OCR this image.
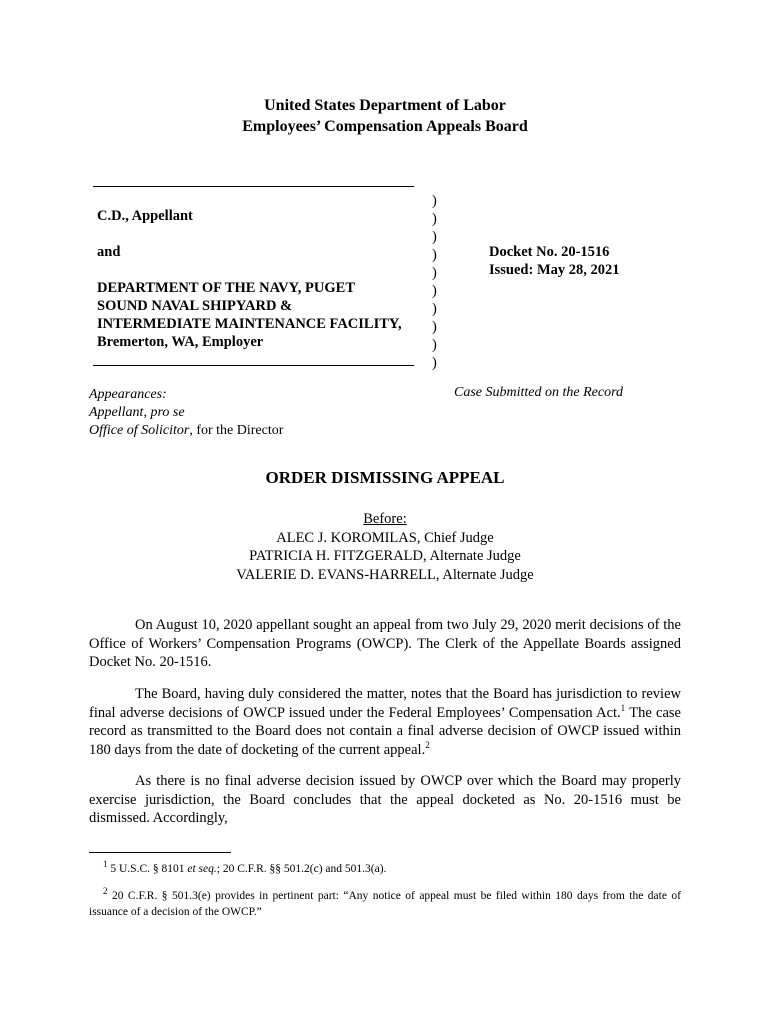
United States Department of Labor
Employees’ Compensation Appeals Board
C.D., Appellant
and
DEPARTMENT OF THE NAVY, PUGET
SOUND NAVAL SHIPYARD &
INTERMEDIATE MAINTENANCE FACILITY,
Bremerton, WA, Employer
)
)
)
)
)
)
)
)
)
)
Docket No. 20-1516
Issued: May 28, 2021
Appearances:
Appellant, pro se
Office of Solicitor, for the Director
Case Submitted on the Record
ORDER DISMISSING APPEAL
Before:
ALEC J. KOROMILAS, Chief Judge
PATRICIA H. FITZGERALD, Alternate Judge
VALERIE D. EVANS-HARRELL, Alternate Judge
On August 10, 2020 appellant sought an appeal from two July 29, 2020 merit decisions of the Office of Workers’ Compensation Programs (OWCP). The Clerk of the Appellate Boards assigned Docket No. 20-1516.
The Board, having duly considered the matter, notes that the Board has jurisdiction to review final adverse decisions of OWCP issued under the Federal Employees’ Compensation Act.$^1$ The case record as transmitted to the Board does not contain a final adverse decision of OWCP issued within 180 days from the date of docketing of the current appeal.$^2$
As there is no final adverse decision issued by OWCP over which the Board may properly exercise jurisdiction, the Board concludes that the appeal docketed as No. 20-1516 must be dismissed. Accordingly,
$^1$ 5 U.S.C. § 8101 et seq.; 20 C.F.R. §§ 501.2(c) and 501.3(a).
$^2$ 20 C.F.R. § 501.3(e) provides in pertinent part: “Any notice of appeal must be filed within 180 days from the date of issuance of a decision of the OWCP.”
